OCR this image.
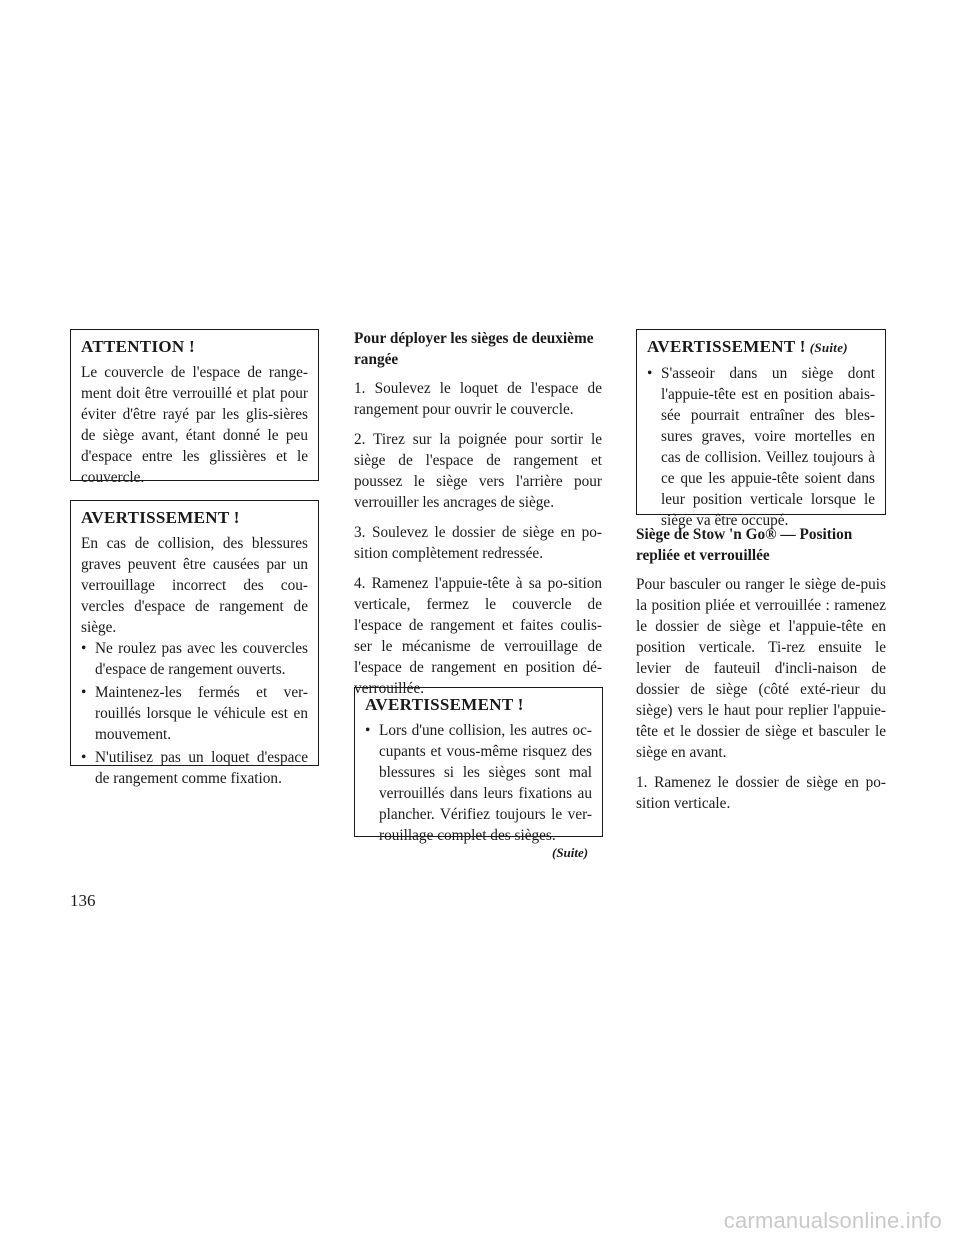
ATTENTION !

Le couvercle de l'espace de range-ment doit être verrouillé et plat pour éviter d'être rayé par les glis-sières de siège avant, étant donné le peu d'espace entre les glissières et le couvercle.

AVERTISSEMENT !

En cas de collision, des blessures graves peuvent être causées par un verrouillage incorrect des cou-vercles d'espace de rangement de siège.

• Ne roulez pas avec les couvercles d'espace de rangement ouverts.
• Maintenez-les fermés et ver-rouillés lorsque le véhicule est en mouvement.
• N'utilisez pas un loquet d'espace de rangement comme fixation.
Pour déployer les sièges de deuxième rangée

1. Soulevez le loquet de l'espace de rangement pour ouvrir le couvercle.

2. Tirez sur la poignée pour sortir le siège de l'espace de rangement et poussez le siège vers l'arrière pour verrouiller les ancrages de siège.

3. Soulevez le dossier de siège en po-sition complètement redressée.

4. Ramenez l'appuie-tête à sa po-sition verticale, fermez le couvercle de l'espace de rangement et faites coulis-ser le mécanisme de verrouillage de l'espace de rangement en position dé-verrouillée.

AVERTISSEMENT !
• Lors d'une collision, les autres oc-cupants et vous-même risquez des blessures si les sièges sont mal verrouillés dans leurs fixations au plancher. Vérifiez toujours le ver-rouillage complet des sièges.
(Suite)
AVERTISSEMENT ! (Suite)
• S'asseoir dans un siège dont l'appuie-tête est en position abais-sée pourrait entraîner des bles-sures graves, voire mortelles en cas de collision. Veillez toujours à ce que les appuie-tête soient dans leur position verticale lorsque le siège va être occupé.
Siège de Stow 'n Go® — Position repliée et verrouillée

Pour basculer ou ranger le siège de-puis la position pliée et verrouillée : ramenez le dossier de siège et l'appuie-tête en position verticale. Ti-rez ensuite le levier de fauteuil d'incli-naison de dossier de siège (côté exté-rieur du siège) vers le haut pour replier l'appuie-tête et le dossier de siège et basculer le siège en avant.

1. Ramenez le dossier de siège en po-sition verticale.

136
carmanualsonline.info
